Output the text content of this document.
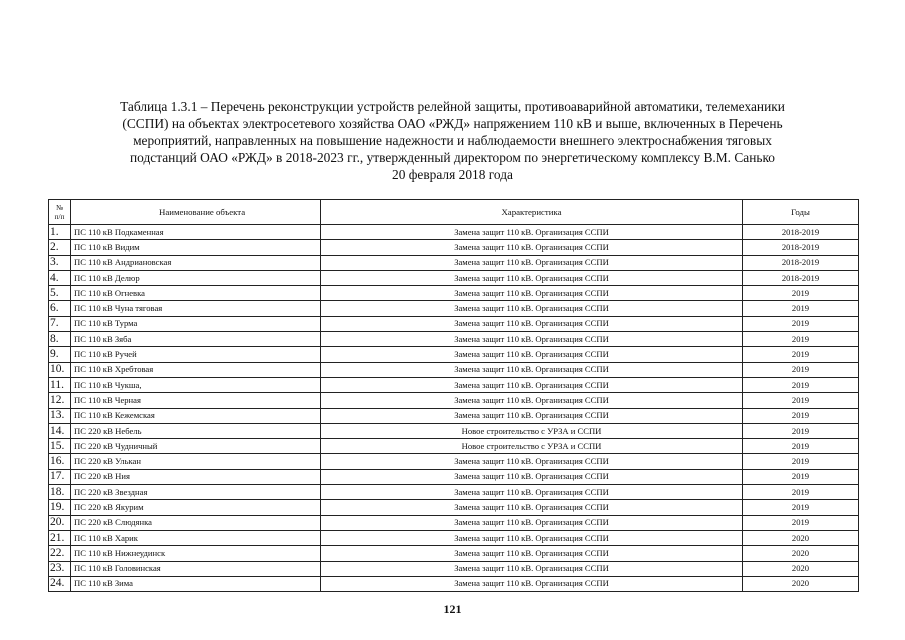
Таблица 1.3.1 – Перечень реконструкции устройств релейной защиты, противоаварийной автоматики, телемеханики
(ССПИ) на объектах электросетевого хозяйства ОАО «РЖД» напряжением 110 кВ и выше, включенных в Перечень
мероприятий, направленных на повышение надежности и наблюдаемости внешнего электроснабжения тяговых
подстанций ОАО «РЖД» в 2018-2023 гг., утвержденный директором по энергетическому комплексу В.М. Санько
20 февраля 2018 года
№
п/п	Наименование объекта	Характеристика	Годы
1.	ПС 110 кВ Подкаменная	Замена защит 110 кВ. Организация ССПИ	2018-2019
2.	ПС 110 кВ Видим	Замена защит 110 кВ. Организация ССПИ	2018-2019
3.	ПС 110 кВ Андриановская	Замена защит 110 кВ. Организация ССПИ	2018-2019
4.	ПС 110 кВ Делюр	Замена защит 110 кВ. Организация ССПИ	2018-2019
5.	ПС 110 кВ Огневка	Замена защит 110 кВ. Организация ССПИ	2019
6.	ПС 110 кВ Чуна тяговая	Замена защит 110 кВ. Организация ССПИ	2019
7.	ПС 110 кВ Турма	Замена защит 110 кВ. Организация ССПИ	2019
8.	ПС 110 кВ Зяба	Замена защит 110 кВ. Организация ССПИ	2019
9.	ПС 110 кВ Ручей	Замена защит 110 кВ. Организация ССПИ	2019
10.	ПС 110 кВ Хребтовая	Замена защит 110 кВ. Организация ССПИ	2019
11.	ПС 110 кВ Чукша,	Замена защит 110 кВ. Организация ССПИ	2019
12.	ПС 110 кВ Черная	Замена защит 110 кВ. Организация ССПИ	2019
13.	ПС 110 кВ Кежемская	Замена защит 110 кВ. Организация ССПИ	2019
14.	ПС 220 кВ Небель	Новое строительство с УРЗА и ССПИ	2019
15.	ПС 220 кВ Чудничный	Новое строительство с УРЗА и ССПИ	2019
16.	ПС 220 кВ Улькан	Замена защит 110 кВ. Организация ССПИ	2019
17.	ПС 220 кВ Ния	Замена защит 110 кВ. Организация ССПИ	2019
18.	ПС 220 кВ Звездная	Замена защит 110 кВ. Организация ССПИ	2019
19.	ПС 220 кВ Якурим	Замена защит 110 кВ. Организация ССПИ	2019
20.	ПС 220 кВ Слюдянка	Замена защит 110 кВ. Организация ССПИ	2019
21.	ПС 110 кВ Харик	Замена защит 110 кВ. Организация ССПИ	2020
22.	ПС 110 кВ Нижнеудинск	Замена защит 110 кВ. Организация ССПИ	2020
23.	ПС 110 кВ Головинская	Замена защит 110 кВ. Организация ССПИ	2020
24.	ПС 110 кВ Зима	Замена защит 110 кВ. Организация ССПИ	2020
121
